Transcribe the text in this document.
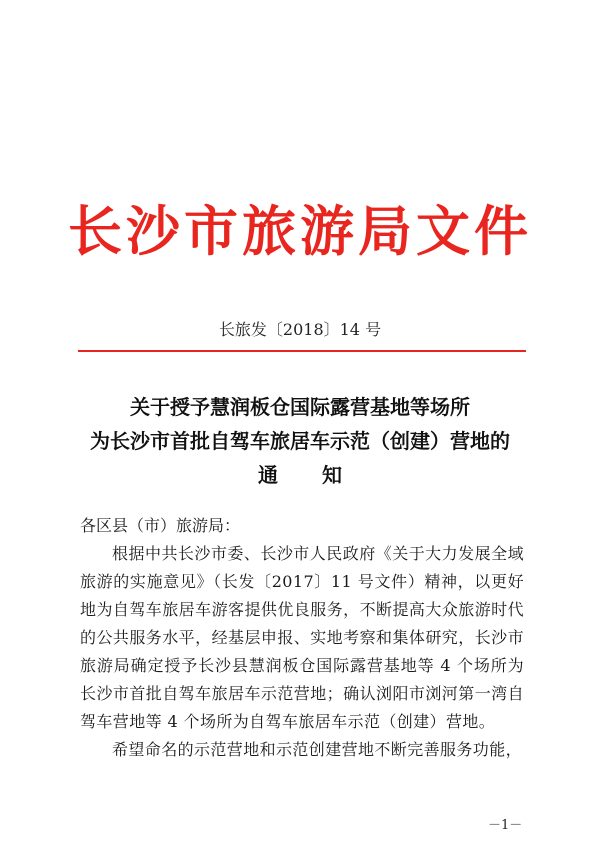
长沙市旅游局文件
长旅发〔2018〕14 号
关于授予慧润板仓国际露营基地等场所
为长沙市首批自驾车旅居车示范（创建）营地的
通知
各区县（市）旅游局：

根据中共长沙市委、长沙市人民政府《关于大力发展全域旅游的实施意见》（长发〔2017〕11 号文件）精神，以更好地为自驾车旅居车游客提供优良服务，不断提高大众旅游时代的公共服务水平，经基层申报、实地考察和集体研究，长沙市旅游局确定授予长沙县慧润板仓国际露营基地等 4 个场所为长沙市首批自驾车旅居车示范营地；确认浏阳市浏河第一湾自驾车营地等 4 个场所为自驾车旅居车示范（创建）营地。

希望命名的示范营地和示范创建营地不断完善服务功能，

－1－
